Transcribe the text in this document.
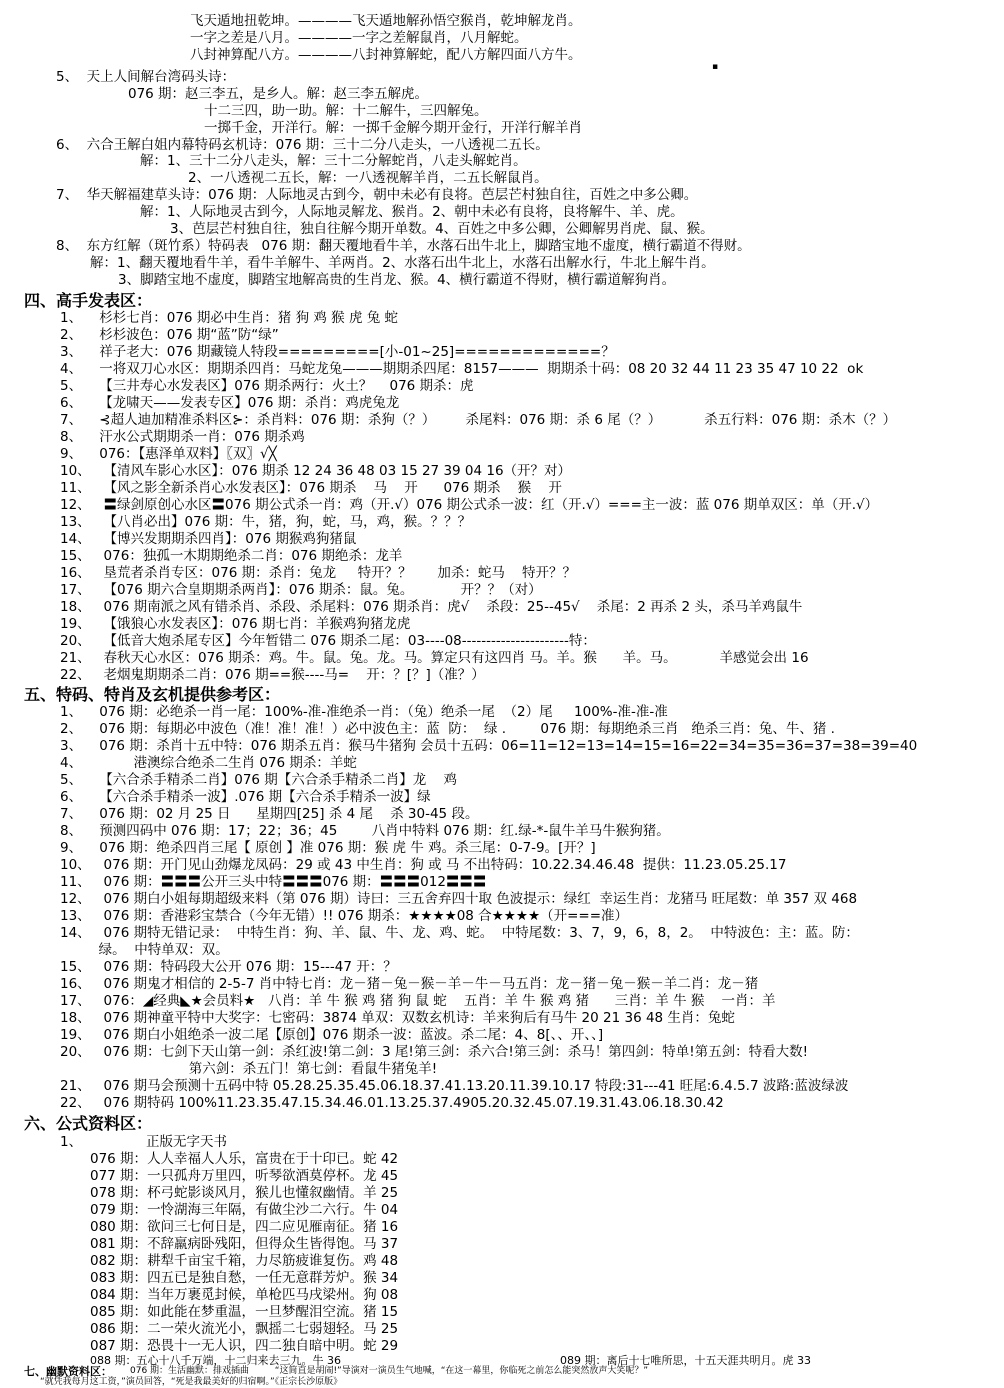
飞天遁地扭乾坤。————飞天遁地解孙悟空猴肖，乾坤解龙肖。
一字之差是八月。————一字之差解鼠肖，八月解蛇。
八封神算配八方。————八封神算解蛇，配八方解四面八方牛。
▪
5、  天上人间解台湾码头诗：
076 期：赵三李五，是乡人。解：赵三李五解虎。
十二三四，助一助。解：十二解牛，三四解兔。
一掷千金，开洋行。解：一掷千金解今期开金行，开洋行解羊肖
6、  六合王解白姐内幕特码玄机诗：076 期：三十二分八走头，一八透视二五长。
解：1、三十二分八走头，解：三十二分解蛇肖，八走头解蛇肖。
2、一八透视二五长，解：一八透视解羊肖，二五长解鼠肖。
7、  华天解福建草头诗：076 期：人际地灵古到今，朝中未必有良将。芭层芒村独自往，百姓之中多公卿。
解：1、人际地灵古到今，人际地灵解龙、猴肖。2、朝中未必有良将，良将解牛、羊、虎。
3、芭层芒村独自往，独自往解今期开单数。4、百姓之中多公卿，公卿解男肖虎、鼠、猴。
8、  东方红解（斑竹系）特码表   076 期：翻天覆地看牛羊，水落石出牛北上，脚踏宝地不虚度，横行霸道不得财。
解：1、翻天覆地看牛羊，看牛羊解牛、羊两肖。2、水落石出牛北上，水落石出解水行，牛北上解牛肖。
3、脚踏宝地不虚度，脚踏宝地解高贵的生肖龙、猴。4、横行霸道不得财，横行霸道解狗肖。
四、高手发表区：
1、    杉杉七肖：076 期必中生肖：猪 狗 鸡 猴 虎 兔 蛇
2、    杉杉波色：076 期“蓝”防“绿”
3、    祥子老大：076 期藏镜人特段=========[小-01~25]=============？
4、    一将双刀心水区：期期杀四肖：马蛇龙兔———期期杀四尾：8157———  期期杀十码：08 20 32 44 11 23 35 47 10 22  ok
5、    【三井寿心水发表区】076 期杀两行：火土？    076 期杀：虎
6、    【龙啸天——发表专区】076 期：杀肖：鸡虎兔龙
7、    ⊰超人迪加精准杀料区⊱：杀肖料：076 期：杀狗（？）       杀尾料：076 期：杀 6 尾（？）          杀五行料：076 期：杀木（？）
8、    汗水公式期期杀一肖：076 期杀鸡
9、    076：【惠泽单双料】〖双〗√╳
10、   【清风车影心水区】：076 期杀 12 24 36 48 03 15 27 39 04 16（开？对）
11、   【风之影全新杀肖心水发表区】：076 期杀    马    开      076 期杀    猴    开
12、   〓绿剑原创心水区〓076 期公式杀一肖：鸡（开.√）076 期公式杀一波：红（开.√）===主一波：蓝 076 期单双区：单（开.√）
13、   【八肖必出】076 期：牛，猪，狗，蛇，马，鸡，猴。？？？
14、   【博兴发期期杀四肖】：076 期猴鸡狗猪鼠
15、   076：独孤一木期期绝杀二肖：076 期绝杀：龙羊
16、   垦荒者杀肖专区：076 期：杀肖：兔龙     特开？？      加杀：蛇马    特开？？
17、   【076 期六合皇期期杀两肖】：076 期杀：鼠。兔。           开？？（对）
18、   076 期南派之风有错杀肖、杀段、杀尾料：076 期杀肖：虎√    杀段：25--45√    杀尾：2 再杀 2 头，杀马羊鸡鼠牛
19、   【饿狼心水发表区】：076 期七肖：羊猴鸡狗猪龙虎
20、   【低音大炮杀尾专区】今年暂错二 076 期杀二尾：03----08----------------------特：
21、   春秋天心水区：076 期杀：鸡。牛。鼠。兔。龙。马。算定只有这四肖 马。羊。猴      羊。马。          羊感觉会出 16
22、   老烟鬼期期杀二肖：076 期==猴----马=    开：？[？]（准？）
五、特码、特肖及玄机提供参考区：
1、    076 期：必绝杀一肖一尾：100%-准-准绝杀一肖：（兔）绝杀一尾  （2）尾     100%-准-准-准
2、    076 期：每期必中波色（准！准！准！）必中波色主：蓝  防：  绿 .        076 期：每期绝杀三肖   绝杀三肖：兔、牛、猪 .
3、    076 期：杀肖十五中特：076 期杀五肖：猴马牛猪狗 会员十五码：06=11=12=13=14=15=16=22=34=35=36=37=38=39=40
4、            港澳综合绝杀二生肖 076 期杀：羊蛇
5、    【六合杀手精杀二肖】076 期【六合杀手精杀二肖】龙    鸡
6、    【六合杀手精杀一波】.076 期【六合杀手精杀一波】绿
7、    076 期：02 月 25 日      星期四[25] 杀 4 尾    杀 30-45 段。
8、    预测四码中 076 期：17；22；36；45        八肖中特料 076 期：红.绿-*-鼠牛羊马牛猴狗猪。
9、    076 期：绝杀四肖三尾【 原创 】准 076 期：猴 虎 牛 鸡。杀三尾：0-7-9。[开？]
10、   076 期：开门见山劲爆龙凤码：29 或 43 中生肖：狗 或 马 不出特码：10.22.34.46.48  提供：11.23.05.25.17
11、   076 期：〓〓〓公开三头中特〓〓〓076 期：〓〓〓012〓〓〓
12、   076 期白小姐每期超级来料（第 076 期）诗曰：三五舍弃四十取 色波提示：绿红  幸运生肖：龙猪马 旺尾数：单 357 双 468
13、   076 期：香港彩宝禁合（今年无错）!! 076 期杀：★★★★08 合★★★★（开===准）
14、   076 期特无错记录：  中特生肖：狗、羊、鼠、牛、龙、鸡、蛇。  中特尾数：3、7，9，6，8，2。  中特波色：主：蓝。防：
绿。  中特单双：双。
15、   076 期：特码段大公开 076 期：15---47 开：？
16、   076 期鬼才相信的 2-5-7 肖中特七肖：龙－猪－兔－猴－羊－牛－马五肖：龙－猪－兔－猴－羊二肖：龙－猪
17、   076：◢经典◣★会员料★   八肖：羊 牛 猴 鸡 猪 狗 鼠 蛇    五肖：羊 牛 猴 鸡 猪      三肖：羊 牛 猴    一肖：羊
18、   076 期神童平特中大奖字：七密码：3874 单双：双数玄机诗：羊来狗后有马牛 20 21 36 48 生肖：兔蛇
19、   076 期白小姐绝杀一波二尾【原创】076 期杀一波：蓝波。杀二尾：4、8[、、开、、]
20、   076 期：七剑下天山第一剑：杀红波!第二剑：3 尾!第三剑：杀六合!第三剑：杀马！第四剑：特单!第五剑：特看大数!
第六剑：杀五门！第七剑：看鼠牛猪兔羊!
21、   076 期马会预测十五码中特 05.28.25.35.45.06.18.37.41.13.20.11.39.10.17 特段:31---41 旺尾:6.4.5.7 波路:蓝波绿波
22、   076 期特码 100%11.23.35.47.15.34.46.01.13.25.37.4905.20.32.45.07.19.31.43.06.18.30.42
六、公式资料区：
1、	正版无字天书
076 期：人人幸福人人乐，富贵在于十印已。蛇 42
077 期：一只孤舟万里四，听琴欲酒莫停杯。龙 45
078 期：杯弓蛇影谈风月，猴儿也懂叙幽情。羊 25
079 期：一怜湖海三年隔，有做尘沙二六行。牛 04
080 期：欲问三七何日是，四二应见雁南征。猪 16
081 期：不辞羸病卧残阳，但得众生皆得饱。马 37
082 期：耕犁千亩宝千箱，力尽筋疲谁复伤。鸡 48
083 期：四五已是独自愁，一任无意群芳炉。猴 34
084 期：当年万裹觅封候，单枪匹马戌梁州。狗 08
085 期：如此能在梦重温，一旦梦醒泪空流。猪 15
086 期：二一荣火流光小，飘摇二七弱翅轻。马 25
087 期：恐畏十一无人识，四二独自暗中明。蛇 29
088 期：五心十八千万端，十二归来去三九。牛 36	089 期：离后十七唯所思，十五天涯共明月。虎 33
七、幽默资料区： 076 期：生活幽默：排戏插曲         “这简直是胡闹!”导演对一演员生气地喊，“在这一幕里，你临死之前怎么能突然放声大笑呢？”
“就凭我每月这工资，”演员回答，“死是我最美好的归宿啊。”《正宗长沙原版》
